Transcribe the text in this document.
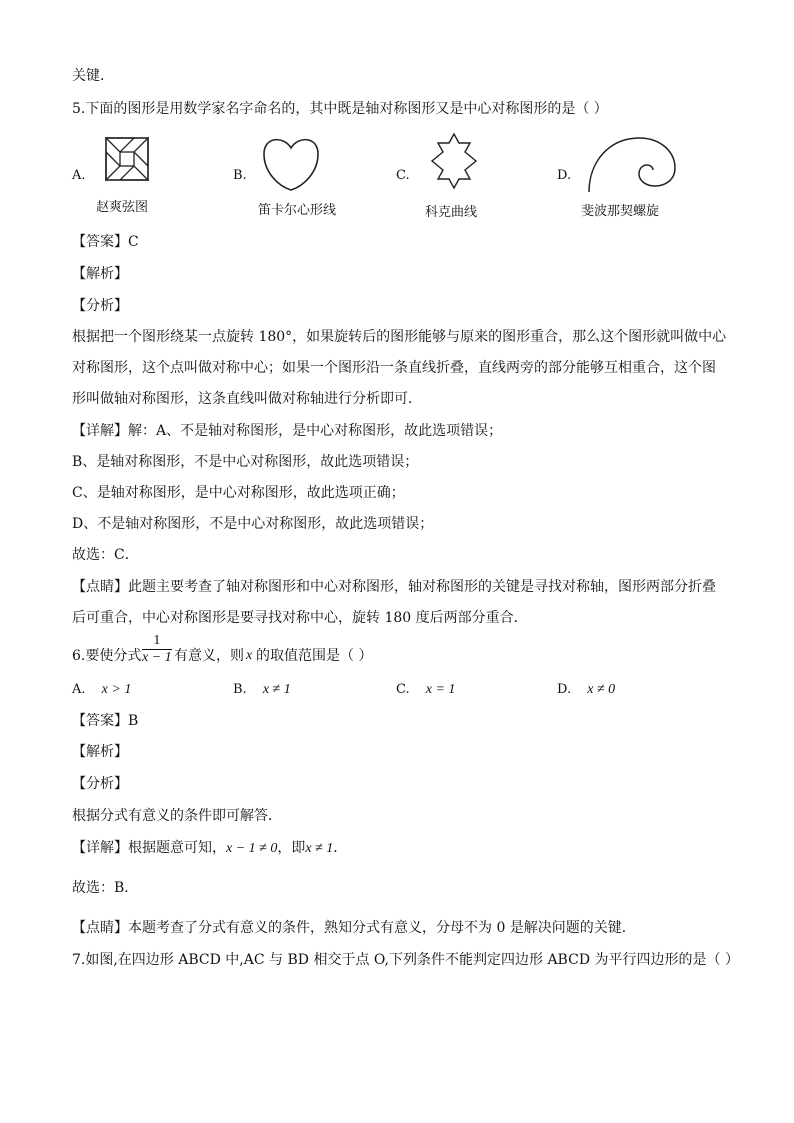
关键．
5.下面的图形是用数学家名字命名的，其中既是轴对称图形又是中心对称图形的是（ ）
A.	B.	C.	D.
赵爽弦图	笛卡尔心形线	科克曲线	斐波那契螺旋
【答案】C
【解析】
【分析】
根据把一个图形绕某一点旋转 180°，如果旋转后的图形能够与原来的图形重合，那么这个图形就叫做中心
对称图形，这个点叫做对称中心；如果一个图形沿一条直线折叠，直线两旁的部分能够互相重合，这个图
形叫做轴对称图形，这条直线叫做对称轴进行分析即可．
【详解】解：A、不是轴对称图形，是中心对称图形，故此选项错误；
B、是轴对称图形，不是中心对称图形，故此选项错误；
C、是轴对称图形，是中心对称图形，故此选项正确；
D、不是轴对称图形，不是中心对称图形，故此选项错误；
故选：C．
【点睛】此题主要考查了轴对称图形和中心对称图形，轴对称图形的关键是寻找对称轴，图形两部分折叠
后可重合，中心对称图形是要寻找对称中心，旋转 180 度后两部分重合．
6.要使分式 $\frac{1}{x - 1}$ 有意义，则 x 的取值范围是（ ）
A. x > 1	B. x ≠ 1	C. x = 1	D. x ≠ 0
【答案】B
【解析】
【分析】
根据分式有意义的条件即可解答．
【详解】根据题意可知，x − 1 ≠ 0，即x ≠ 1．
故选：B．
【点睛】本题考查了分式有意义的条件，熟知分式有意义，分母不为 0 是解决问题的关键．
7.如图,在四边形 ABCD 中,AC 与 BD 相交于点 O,下列条件不能判定四边形 ABCD 为平行四边形的是（ ）
